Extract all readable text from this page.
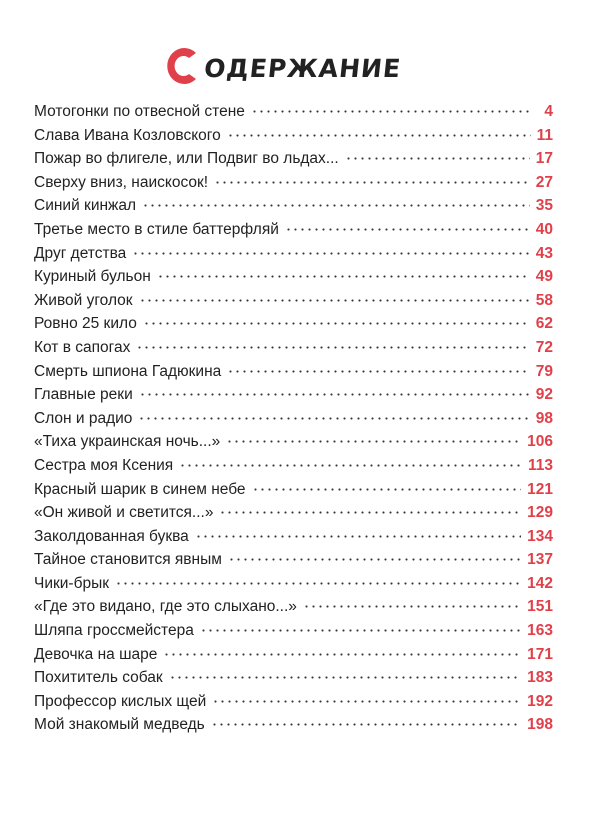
ОДЕРЖАНИЕ
Мотогонки по отвесной стене	4
Слава Ивана Козловского	11
Пожар во флигеле, или Подвиг во льдах...	17
Сверху вниз, наискосок!	27
Синий кинжал	35
Третье место в стиле баттерфляй	40
Друг детства	43
Куриный бульон	49
Живой уголок	58
Ровно 25 кило	62
Кот в сапогах	72
Смерть шпиона Гадюкина	79
Главные реки	92
Слон и радио	98
«Тиха украинская ночь...»	106
Сестра моя Ксения	113
Красный шарик в синем небе	121
«Он живой и светится...»	129
Заколдованная буква	134
Тайное становится явным	137
Чики-брык	142
«Где это видано, где это слыхано...»	151
Шляпа гроссмейстера	163
Девочка на шаре	171
Похититель собак	183
Профессор кислых щей	192
Мой знакомый медведь	198
